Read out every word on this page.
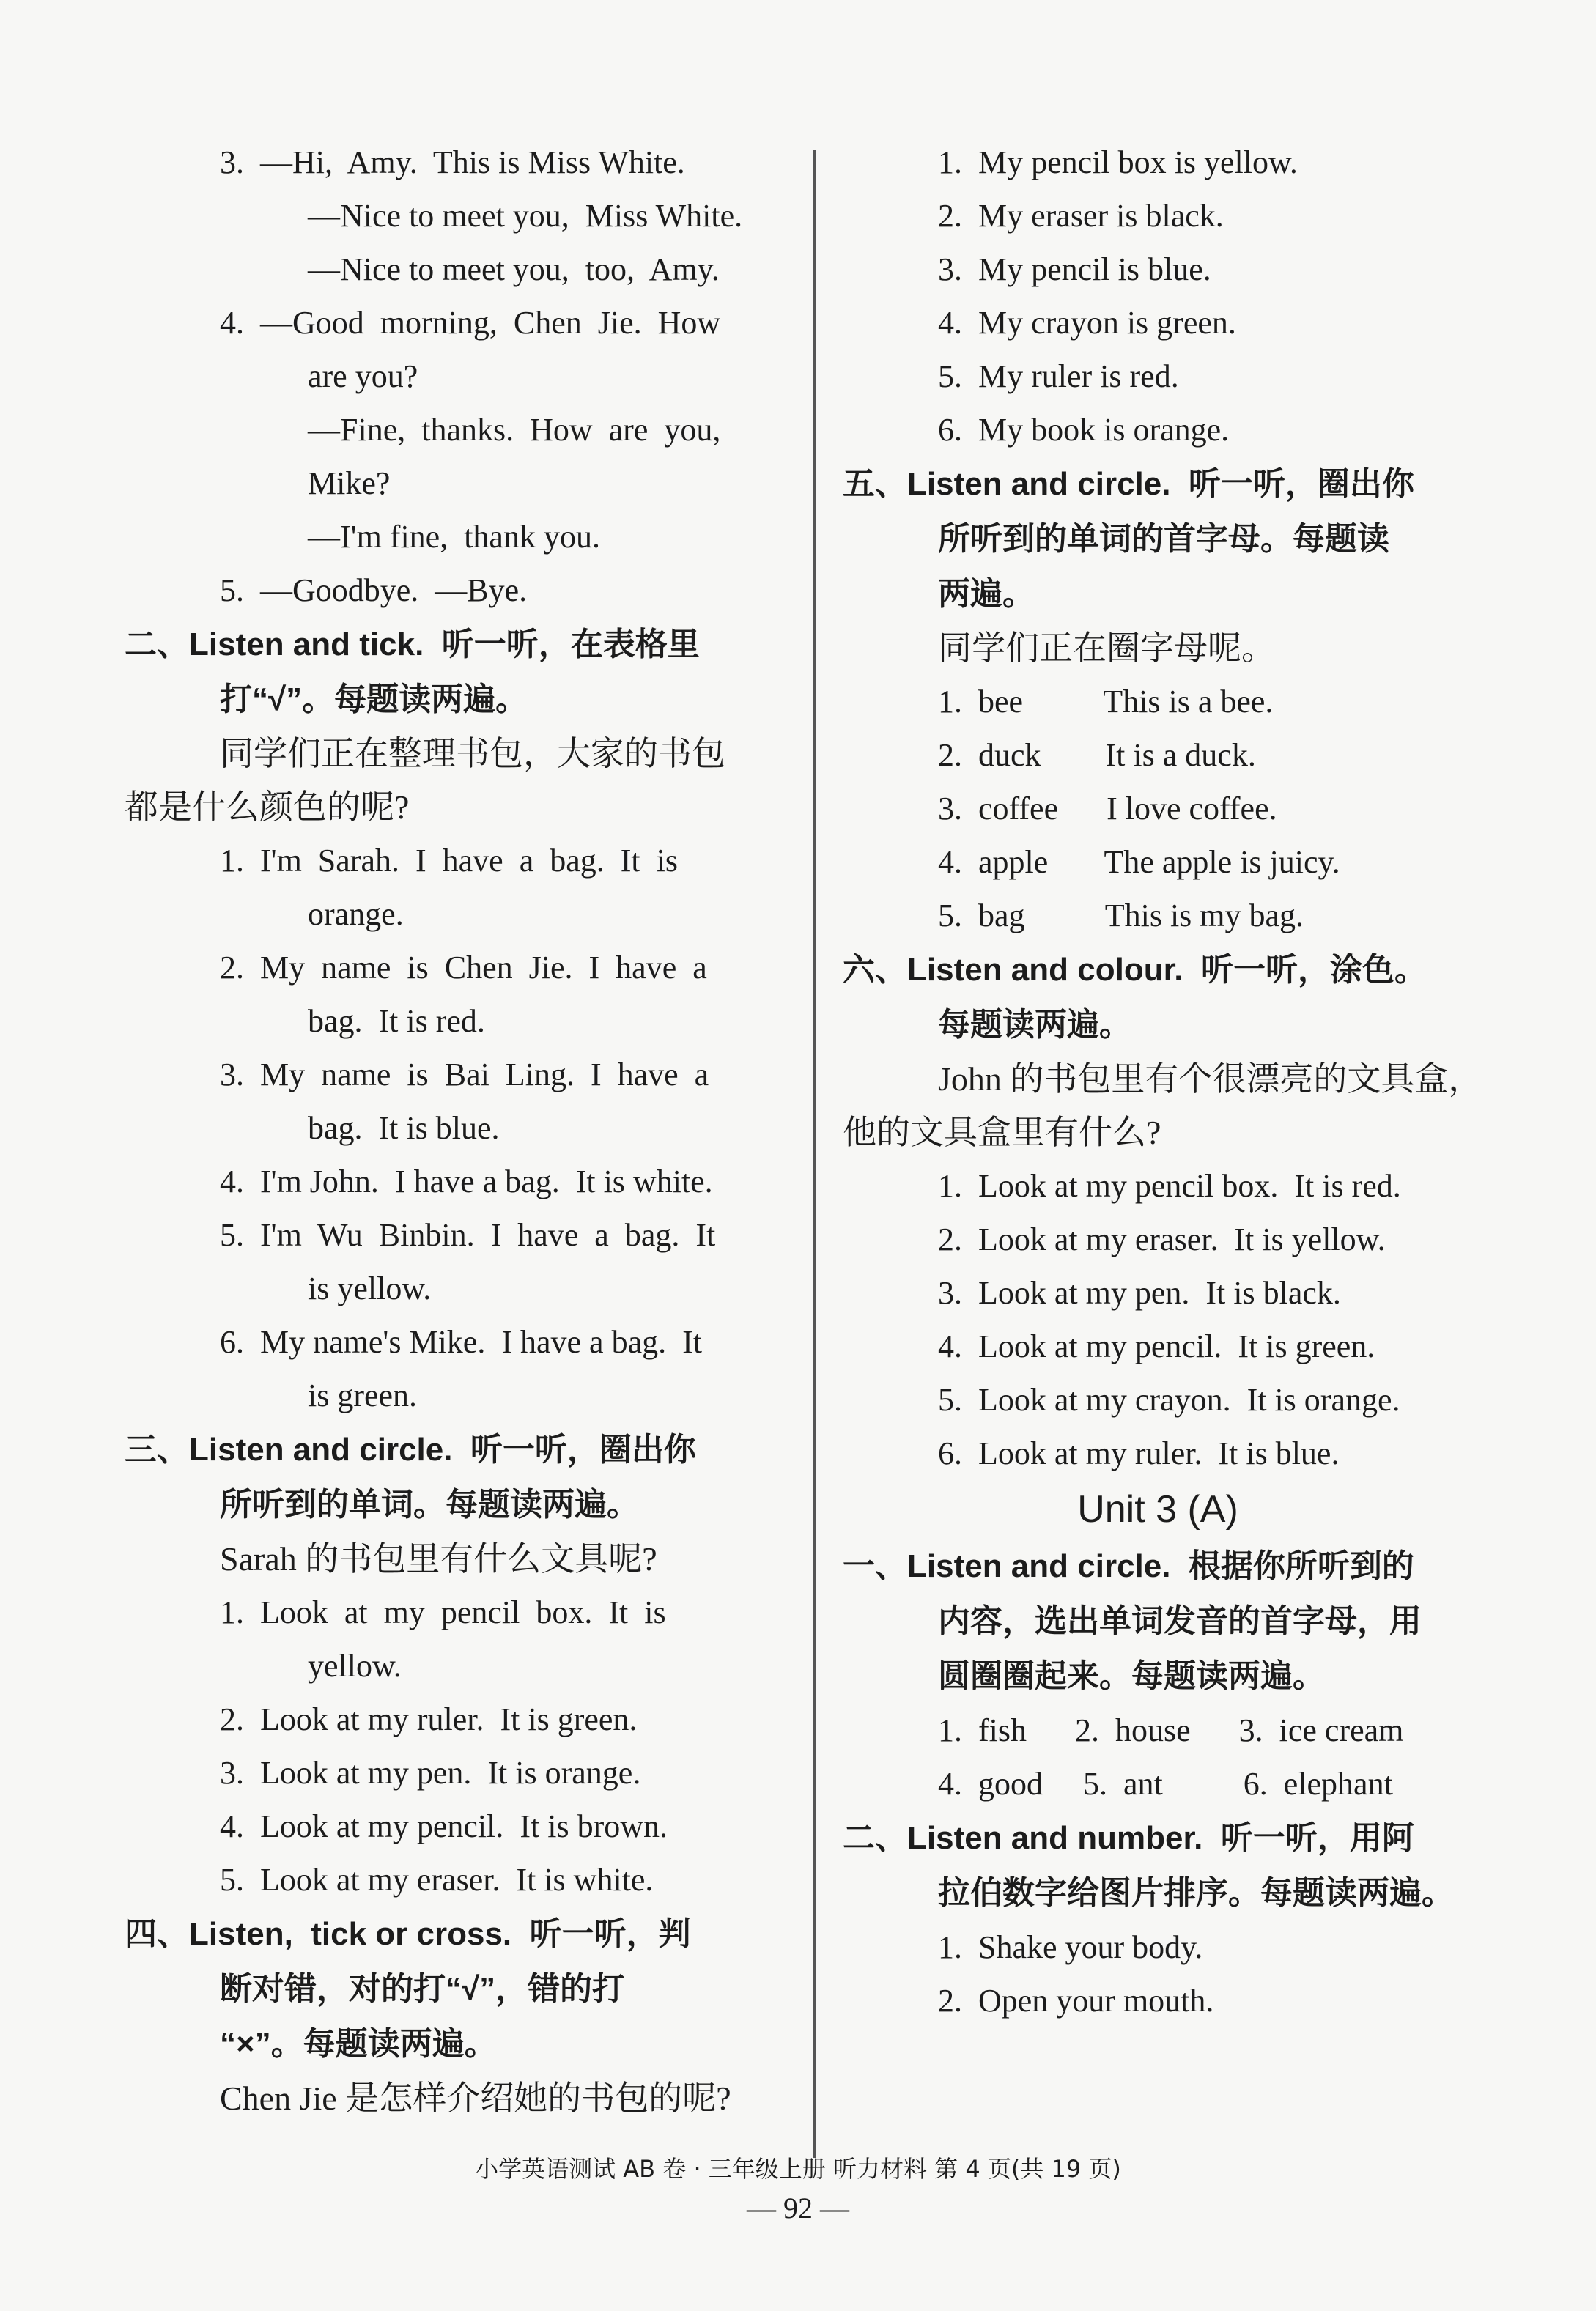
3.  —Hi,  Amy.  This is Miss White.
—Nice to meet you,  Miss White.
—Nice to meet you,  too,  Amy.
4.  —Good  morning,  Chen  Jie.  How
are you?
—Fine,  thanks.  How  are  you,
Mike?
—I'm fine,  thank you.
5.  —Goodbye.  —Bye.
二、Listen and tick.  听一听，在表格里
打“√”。每题读两遍。
同学们正在整理书包，大家的书包
都是什么颜色的呢?
1.  I'm  Sarah.  I  have  a  bag.  It  is
orange.
2.  My  name  is  Chen  Jie.  I  have  a
bag.  It is red.
3.  My  name  is  Bai  Ling.  I  have  a
bag.  It is blue.
4.  I'm John.  I have a bag.  It is white.
5.  I'm  Wu  Binbin.  I  have  a  bag.  It
is yellow.
6.  My name's Mike.  I have a bag.  It
is green.
三、Listen and circle.  听一听，圈出你
所听到的单词。每题读两遍。
Sarah 的书包里有什么文具呢?
1.  Look  at  my  pencil  box.  It  is
yellow.
2.  Look at my ruler.  It is green.
3.  Look at my pen.  It is orange.
4.  Look at my pencil.  It is brown.
5.  Look at my eraser.  It is white.
四、Listen,  tick or cross.  听一听，判
断对错，对的打“√”，错的打
“×”。每题读两遍。
Chen Jie 是怎样介绍她的书包的呢?
1.  My pencil box is yellow.
2.  My eraser is black.
3.  My pencil is blue.
4.  My crayon is green.
5.  My ruler is red.
6.  My book is orange.
五、Listen and circle.  听一听，圈出你
所听到的单词的首字母。每题读
两遍。
同学们正在圈字母呢。
1.  bee          This is a bee.
2.  duck        It is a duck.
3.  coffee      I love coffee.
4.  apple       The apple is juicy.
5.  bag          This is my bag.
六、Listen and colour.  听一听，涂色。
每题读两遍。
John 的书包里有个很漂亮的文具盒，
他的文具盒里有什么?
1.  Look at my pencil box.  It is red.
2.  Look at my eraser.  It is yellow.
3.  Look at my pen.  It is black.
4.  Look at my pencil.  It is green.
5.  Look at my crayon.  It is orange.
6.  Look at my ruler.  It is blue.
Unit 3 (A)
一、Listen and circle.  根据你所听到的
内容，选出单词发音的首字母，用
圆圈圈起来。每题读两遍。
1.  fish      2.  house      3.  ice cream
4.  good     5.  ant          6.  elephant
二、Listen and number.  听一听，用阿
拉伯数字给图片排序。每题读两遍。
1.  Shake your body.
2.  Open your mouth.
小学英语测试 AB 卷 · 三年级上册 听力材料 第 4 页(共 19 页)
— 92 —
